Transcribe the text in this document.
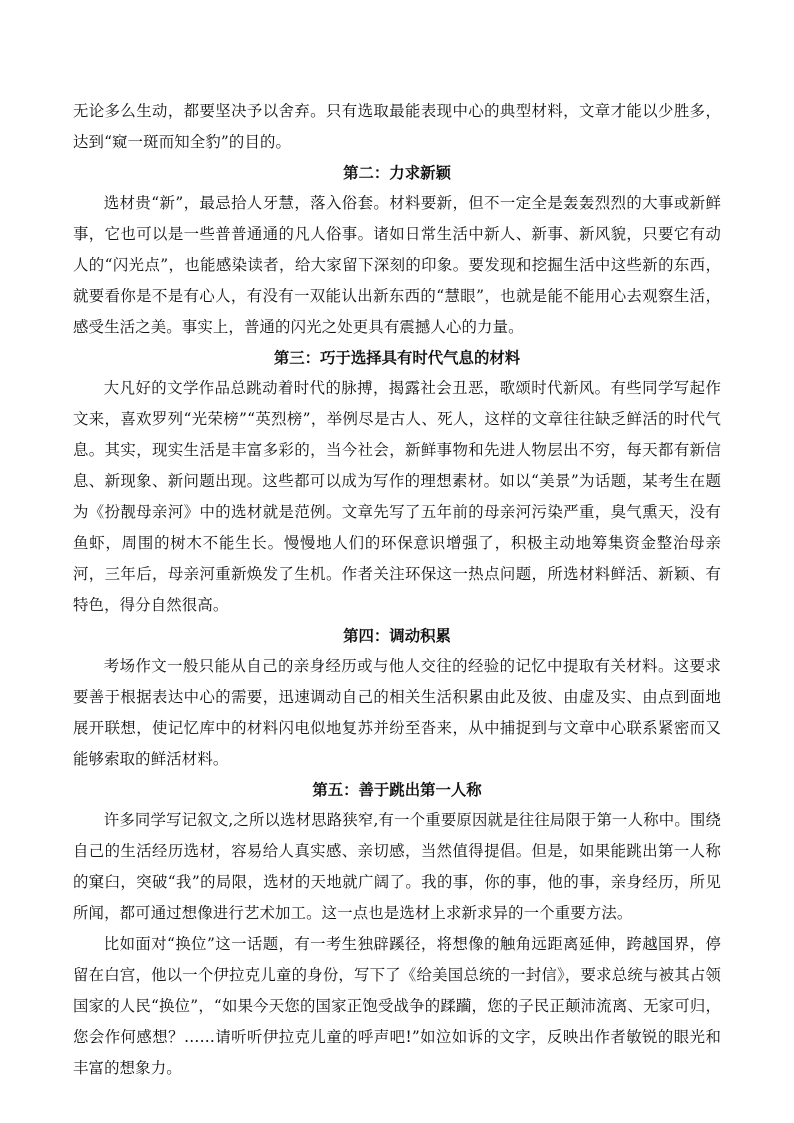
无论多么生动，都要坚决予以舍弃。只有选取最能表现中心的典型材料，文章才能以少胜多，达到“窥一斑而知全豹”的目的。

第二：力求新颖

选材贵“新”，最忌拾人牙慧，落入俗套。材料要新，但不一定全是轰轰烈烈的大事或新鲜事，它也可以是一些普普通通的凡人俗事。诸如日常生活中新人、新事、新风貌，只要它有动人的“闪光点”，也能感染读者，给大家留下深刻的印象。要发现和挖掘生活中这些新的东西，就要看你是不是有心人，有没有一双能认出新东西的“慧眼”，也就是能不能用心去观察生活，感受生活之美。事实上，普通的闪光之处更具有震撼人心的力量。

第三：巧于选择具有时代气息的材料

大凡好的文学作品总跳动着时代的脉搏，揭露社会丑恶，歌颂时代新风。有些同学写起作文来，喜欢罗列“光荣榜”“英烈榜”，举例尽是古人、死人，这样的文章往往缺乏鲜活的时代气息。其实，现实生活是丰富多彩的，当今社会，新鲜事物和先进人物层出不穷，每天都有新信息、新现象、新问题出现。这些都可以成为写作的理想素材。如以“美景”为话题，某考生在题为《扮靓母亲河》中的选材就是范例。文章先写了五年前的母亲河污染严重，臭气熏天，没有鱼虾，周围的树木不能生长。慢慢地人们的环保意识增强了，积极主动地筹集资金整治母亲河，三年后，母亲河重新焕发了生机。作者关注环保这一热点问题，所选材料鲜活、新颖、有特色，得分自然很高。

第四：调动积累

考场作文一般只能从自己的亲身经历或与他人交往的经验的记忆中提取有关材料。这要求要善于根据表达中心的需要，迅速调动自己的相关生活积累由此及彼、由虚及实、由点到面地展开联想，使记忆库中的材料闪电似地复苏并纷至沓来，从中捕捉到与文章中心联系紧密而又能够索取的鲜活材料。

第五：善于跳出第一人称

许多同学写记叙文,之所以选材思路狭窄,有一个重要原因就是往往局限于第一人称中。围绕自己的生活经历选材，容易给人真实感、亲切感，当然值得提倡。但是，如果能跳出第一人称的窠臼，突破“我”的局限，选材的天地就广阔了。我的事，你的事，他的事，亲身经历，所见所闻，都可通过想像进行艺术加工。这一点也是选材上求新求异的一个重要方法。

比如面对“换位”这一话题，有一考生独辟蹊径，将想像的触角远距离延伸，跨越国界，停留在白宫，他以一个伊拉克儿童的身份，写下了《给美国总统的一封信》，要求总统与被其占领国家的人民“换位”，“如果今天您的国家正饱受战争的蹂躏，您的子民正颠沛流离、无家可归，您会作何感想？……请听听伊拉克儿童的呼声吧!”如泣如诉的文字，反映出作者敏锐的眼光和丰富的想象力。
